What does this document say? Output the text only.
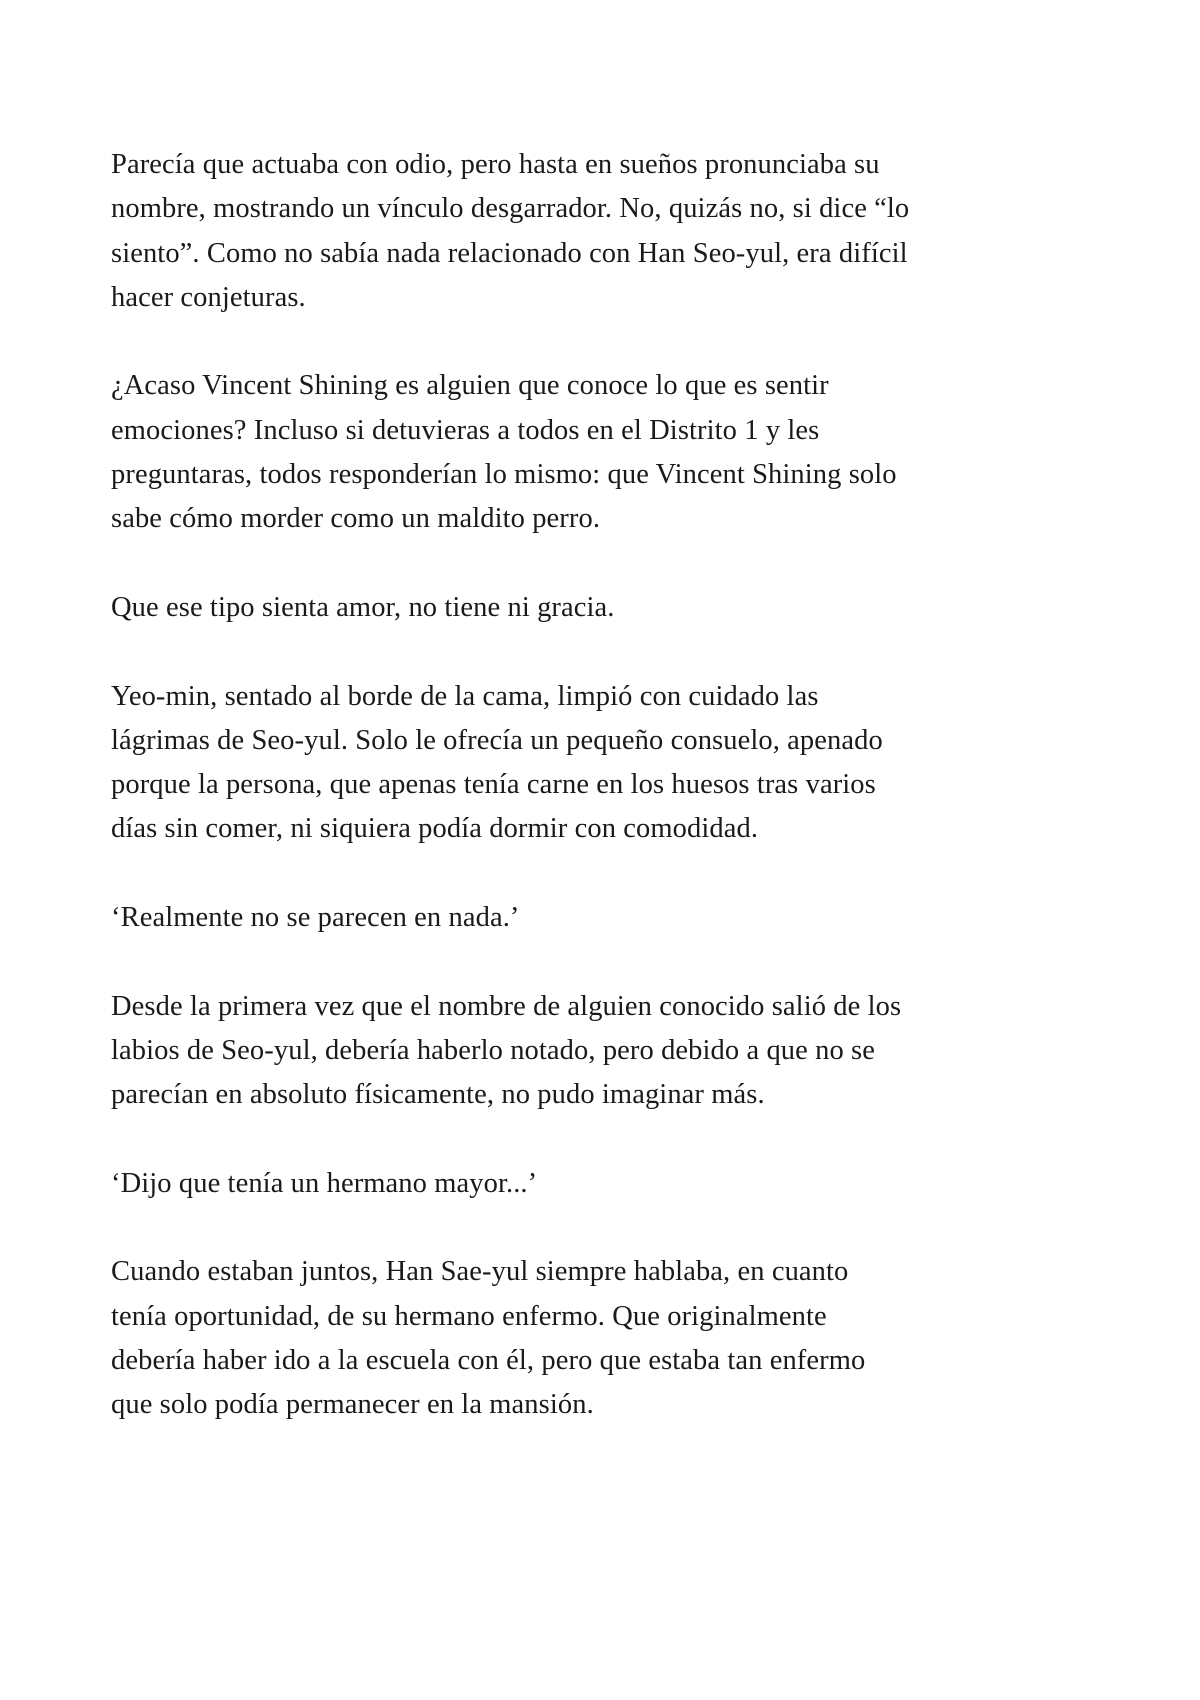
Parecía que actuaba con odio, pero hasta en sueños pronunciaba su
nombre, mostrando un vínculo desgarrador. No, quizás no, si dice “lo
siento”. Como no sabía nada relacionado con Han Seo-yul, era difícil
hacer conjeturas.
¿Acaso Vincent Shining es alguien que conoce lo que es sentir
emociones? Incluso si detuvieras a todos en el Distrito 1 y les
preguntaras, todos responderían lo mismo: que Vincent Shining solo
sabe cómo morder como un maldito perro.
Que ese tipo sienta amor, no tiene ni gracia.
Yeo-min, sentado al borde de la cama, limpió con cuidado las
lágrimas de Seo-yul. Solo le ofrecía un pequeño consuelo, apenado
porque la persona, que apenas tenía carne en los huesos tras varios
días sin comer, ni siquiera podía dormir con comodidad.
‘Realmente no se parecen en nada.’
Desde la primera vez que el nombre de alguien conocido salió de los
labios de Seo-yul, debería haberlo notado, pero debido a que no se
parecían en absoluto físicamente, no pudo imaginar más.
‘Dijo que tenía un hermano mayor...’
Cuando estaban juntos, Han Sae-yul siempre hablaba, en cuanto
tenía oportunidad, de su hermano enfermo. Que originalmente
debería haber ido a la escuela con él, pero que estaba tan enfermo
que solo podía permanecer en la mansión.
